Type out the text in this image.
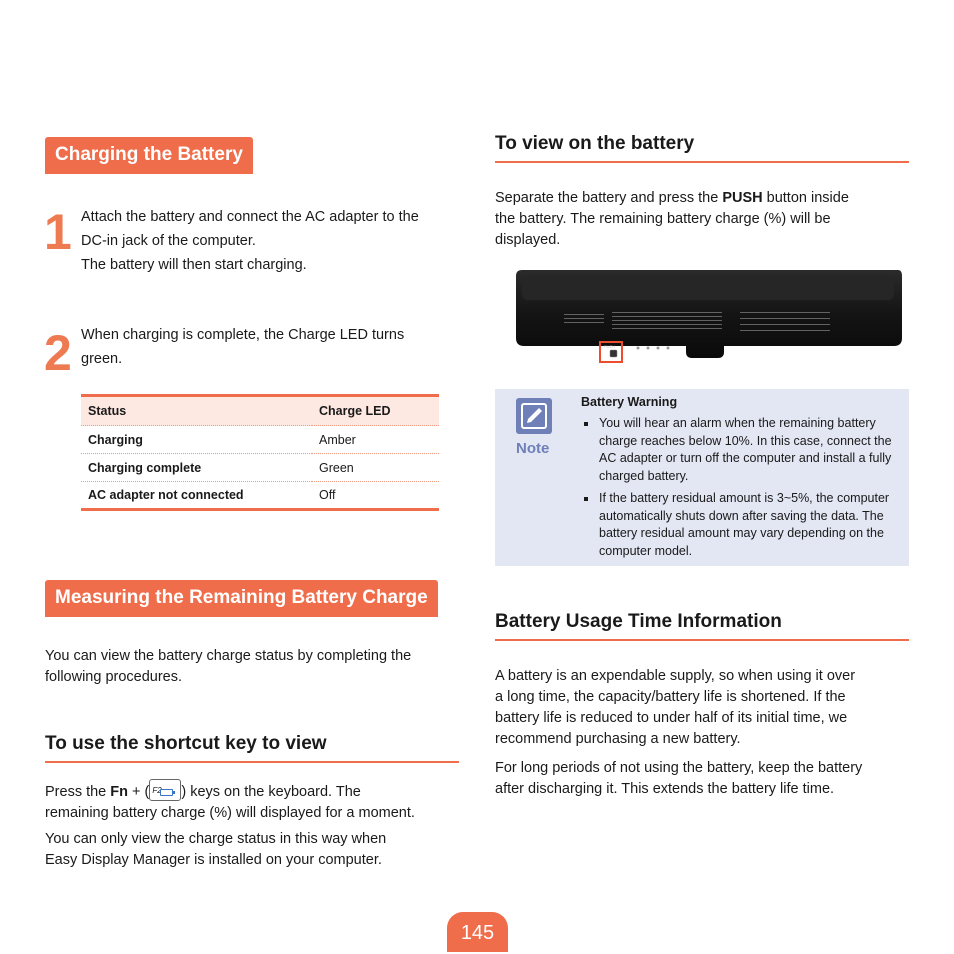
Charging the Battery
1 Attach the battery and connect the AC adapter to the
DC-in jack of the computer.
The battery will then start charging.
2 When charging is complete, the Charge LED turns
green.
Status	Charge LED
Charging	Amber
Charging complete	Green
AC adapter not connected	Off
Measuring the Remaining Battery Charge
You can view the battery charge status by completing the
following procedures.
To use the shortcut key to view
Press the Fn + ( F2 ) keys on the keyboard. The
remaining battery charge (%) will displayed for a moment.
You can only view the charge status in this way when
Easy Display Manager is installed on your computer.
To view on the battery
Separate the battery and press the PUSH button inside
the battery. The remaining battery charge (%) will be
displayed.
PUSH
Note
Battery Warning
You will hear an alarm when the remaining battery charge reaches below 10%. In this case, connect the AC adapter or turn off the computer and install a fully charged battery.
If the battery residual amount is 3~5%, the computer automatically shuts down after saving the data. The battery residual amount may vary depending on the computer model.
Battery Usage Time Information
A battery is an expendable supply, so when using it over
a long time, the capacity/battery life is shortened. If the
battery life is reduced to under half of its initial time, we
recommend purchasing a new battery.
For long periods of not using the battery, keep the battery
after discharging it. This extends the battery life time.
145
